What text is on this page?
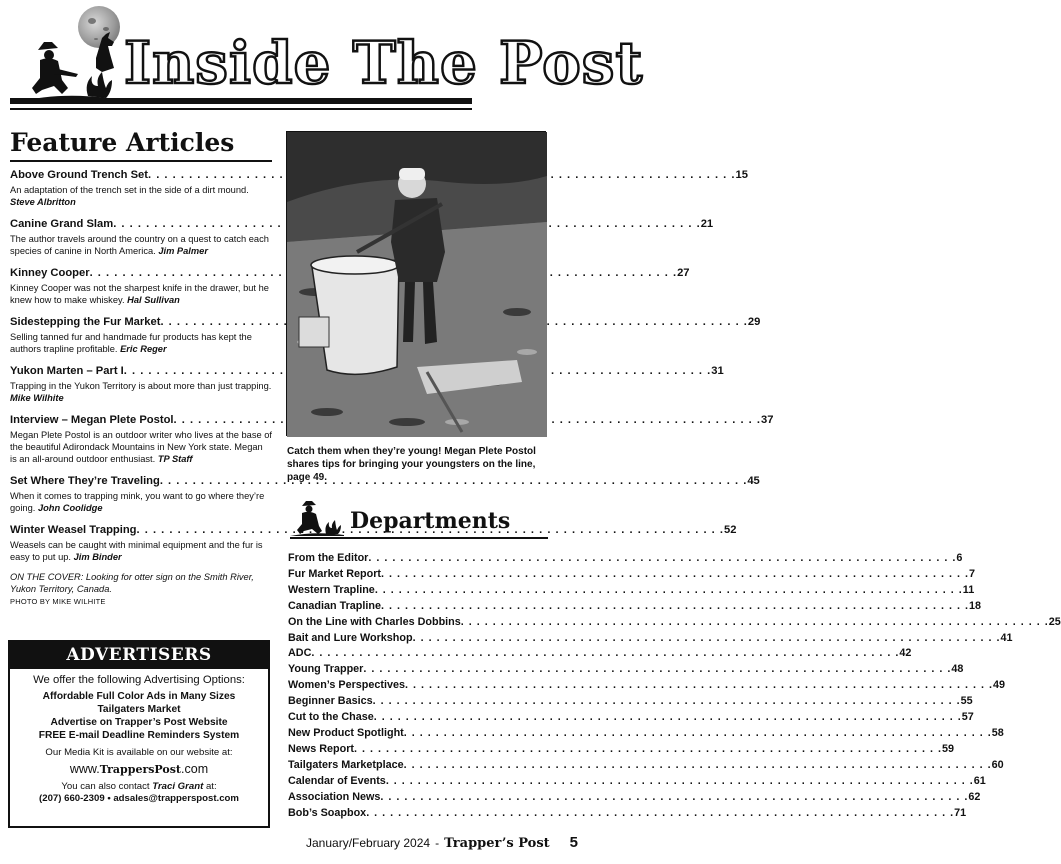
Inside The Post
Feature Articles
Above Ground Trench Set . . .	15
An adaptation of the trench set in the side of a dirt mound. Steve Albritton
Canine Grand Slam . . .	21
The author travels around the country on a quest to catch each species of canine in North America. Jim Palmer
Kinney Cooper . . .	27
Kinney Cooper was not the sharpest knife in the drawer, but he knew how to make whiskey. Hal Sullivan
Sidestepping the Fur Market . . .	29
Selling tanned fur and handmade fur products has kept the authors trapline profitable. Eric Reger
Yukon Marten – Part I . . .	31
Trapping in the Yukon Territory is about more than just trapping. Mike Wilhite
Interview – Megan Plete Postol . . .	37
Megan Plete Postol is an outdoor writer who lives at the base of the beautiful Adirondack Mountains in New York state. Megan is an all-around outdoor enthusiast. TP Staff
Set Where They’re Traveling . . .	45
When it comes to trapping mink, you want to go where they’re going. John Coolidge
Winter Weasel Trapping . . .	52
Weasels can be caught with minimal equipment and the fur is easy to put up. Jim Binder
ON THE COVER: Looking for otter sign on the Smith River, Yukon Territory, Canada.
PHOTO BY MIKE WILHITE
ADVERTISERS
We offer the following Advertising Options:
Affordable Full Color Ads in Many Sizes
Tailgaters Market
Advertise on Trapper’s Post Website
FREE E-mail Deadline Reminders System
Our Media Kit is available on our website at:
www.TrappersPost.com
You can also contact Traci Grant at:
(207) 660-2309 • adsales@trapperspost.com
Catch them when they’re young! Megan Plete Postol shares tips for bringing your youngsters on the line, page 49.
Departments
From the Editor . . .	6
Fur Market Report . . .	7
Western Trapline . . .	11
Canadian Trapline . . .	18
On the Line with Charles Dobbins . . .	25
Bait and Lure Workshop . . .	41
ADC . . .	42
Young Trapper . . .	48
Women’s Perspectives . . .	49
Beginner Basics . . .	55
Cut to the Chase . . .	57
New Product Spotlight . . .	58
News Report . . .	59
Tailgaters Marketplace . . .	60
Calendar of Events . . .	61
Association News . . .	62
Bob’s Soapbox . . .	71
January/February 2024 - Trapper’s Post 5
